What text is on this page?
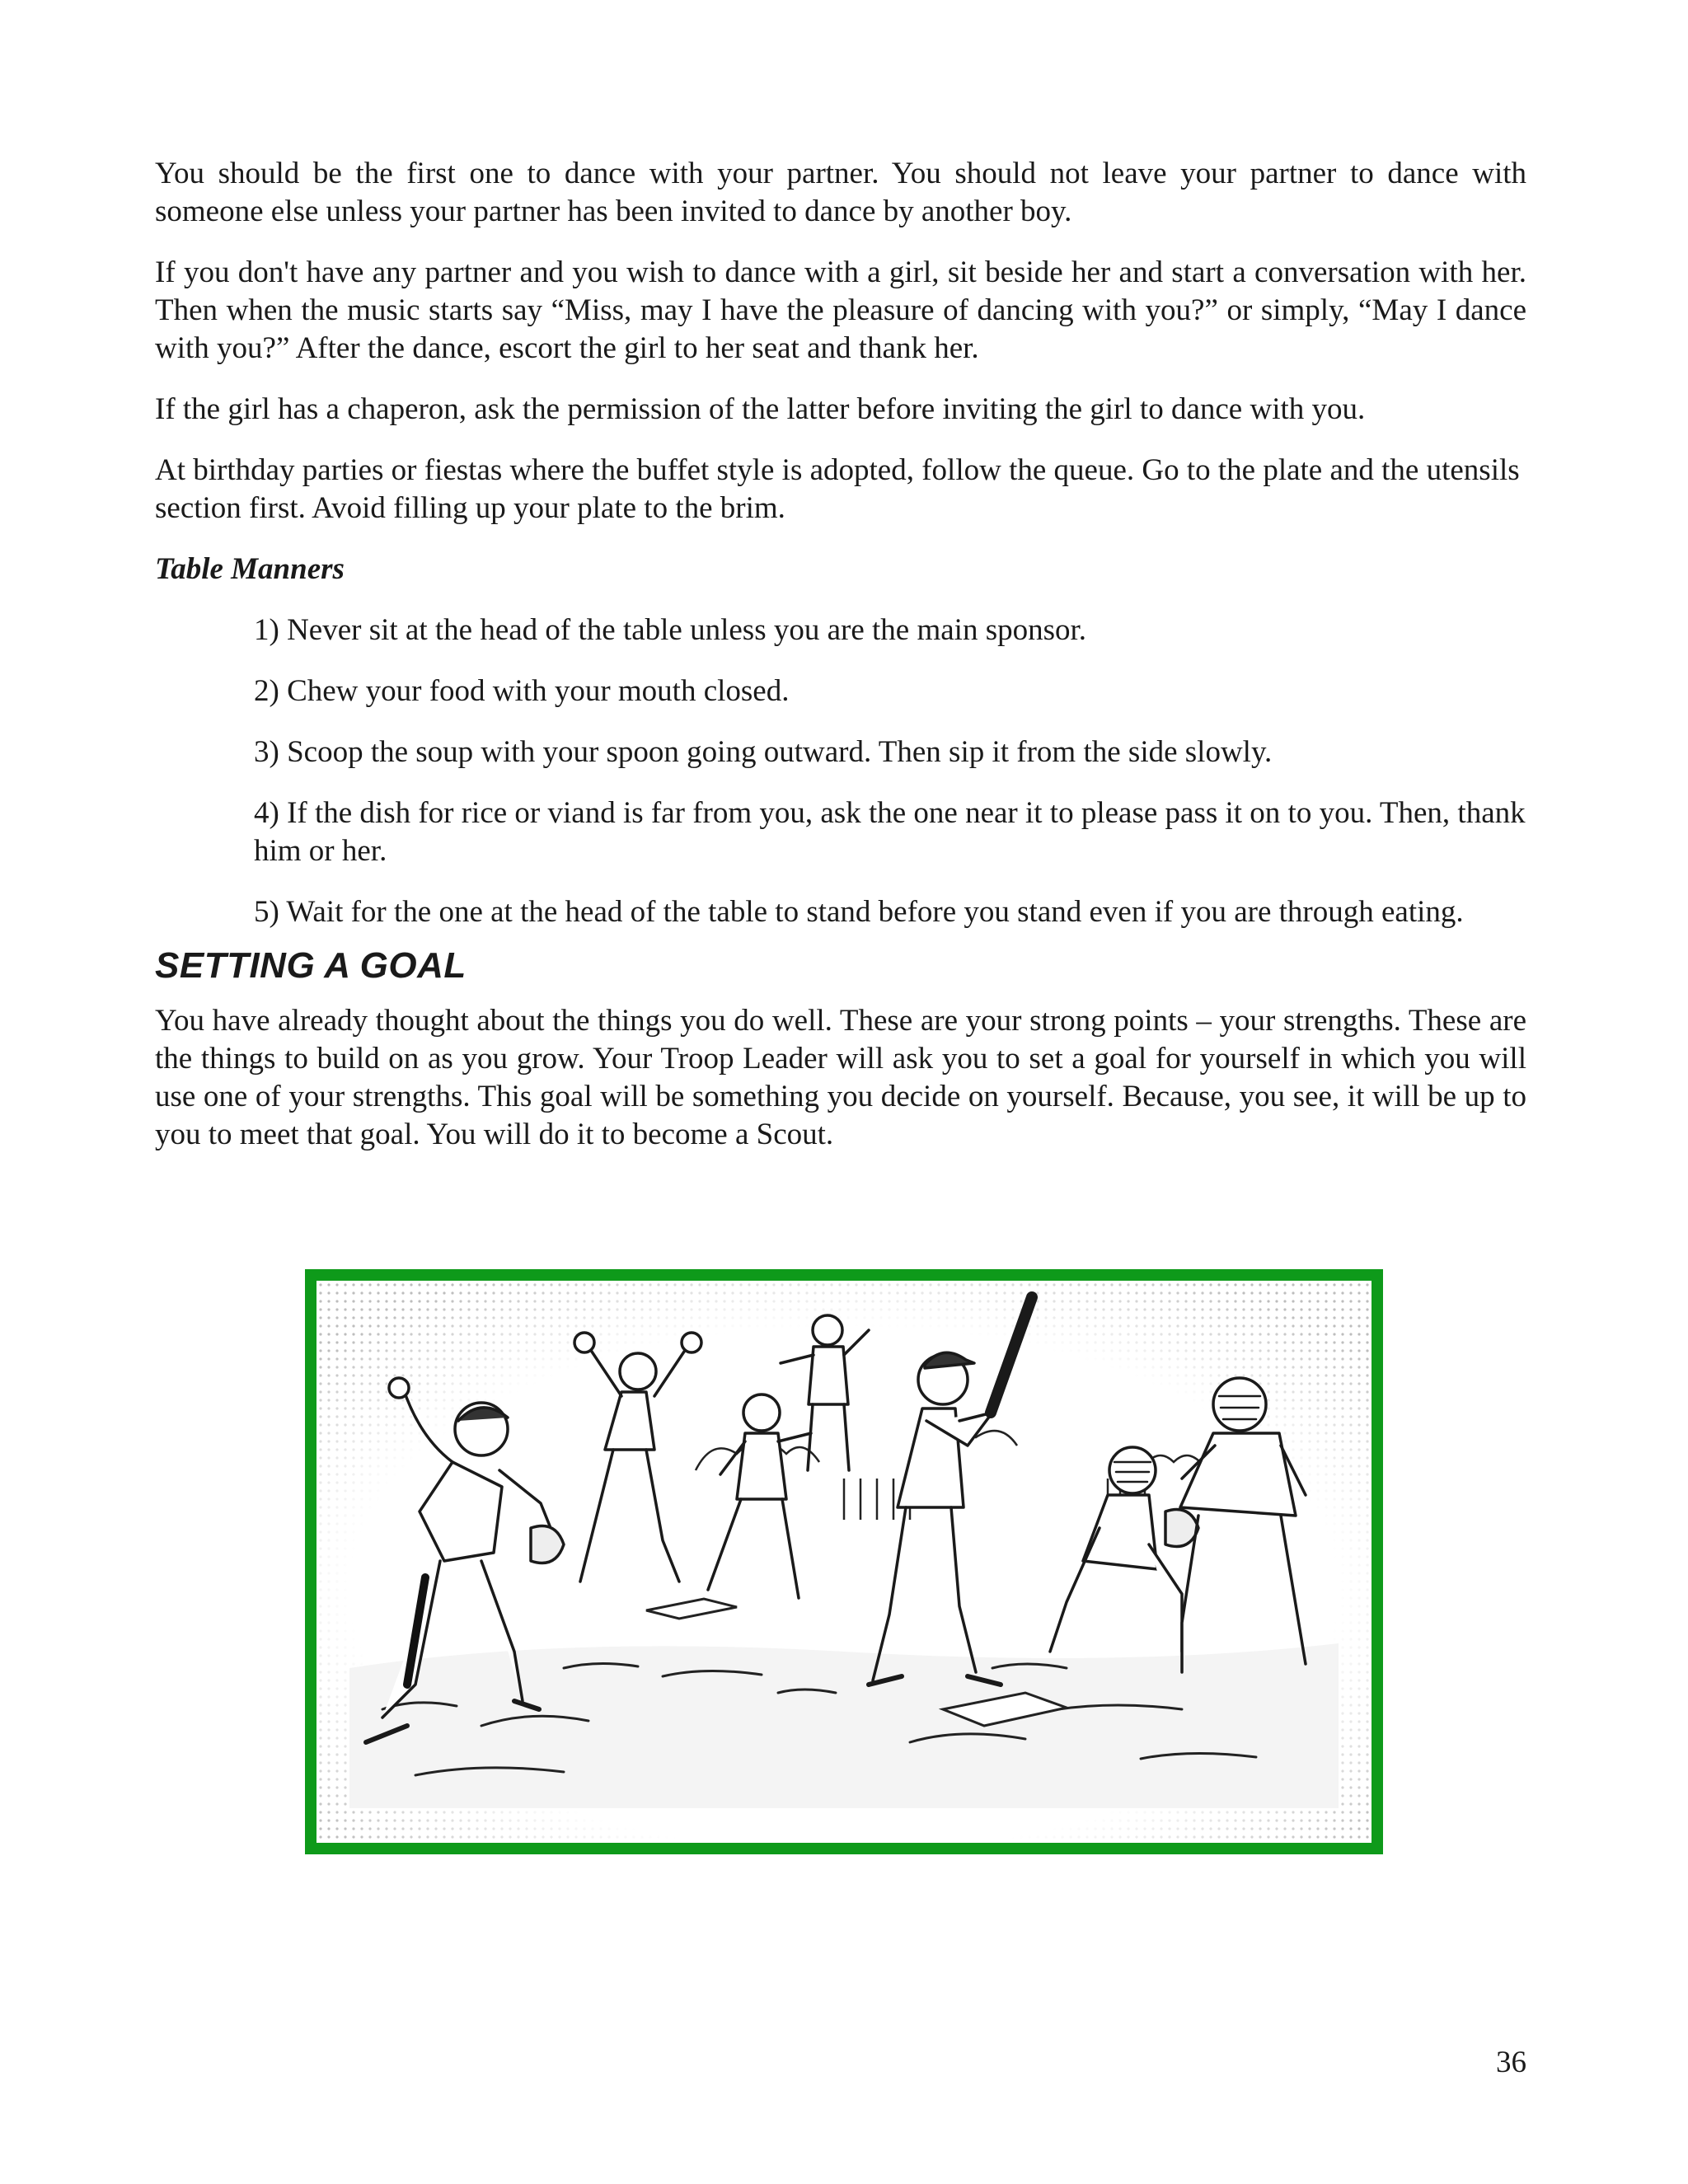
You should be the first one to dance with your partner. You should not leave your partner to dance with someone else unless your partner has been invited to dance by another boy.

If you don't have any partner and you wish to dance with a girl, sit beside her and start a conversation with her. Then when the music starts say “Miss, may I have the pleasure of dancing with you?” or simply, “May I dance with you?” After the dance, escort the girl to her seat and thank her.

If the girl has a chaperon, ask the permission of the latter before inviting the girl to dance with you.

At birthday parties or fiestas where the buffet style is adopted, follow the queue. Go to the plate and the utensils section first. Avoid filling up your plate to the brim.

Table Manners

1) Never sit at the head of the table unless you are the main sponsor.

2) Chew your food with your mouth closed.

3) Scoop the soup with your spoon going outward. Then sip it from the side slowly.

4) If the dish for rice or viand is far from you, ask the one near it to please pass it on to you. Then, thank him or her.

5) Wait for the one at the head of the table to stand before you stand even if you are through eating.

SETTING A GOAL

You have already thought about the things you do well. These are your strong points – your strengths. These are the things to build on as you grow. Your Troop Leader will ask you to set a goal for yourself in which you will use one of your strengths. This goal will be something you decide on yourself. Because, you see, it will be up to you to meet that goal. You will do it to become a Scout.

36
